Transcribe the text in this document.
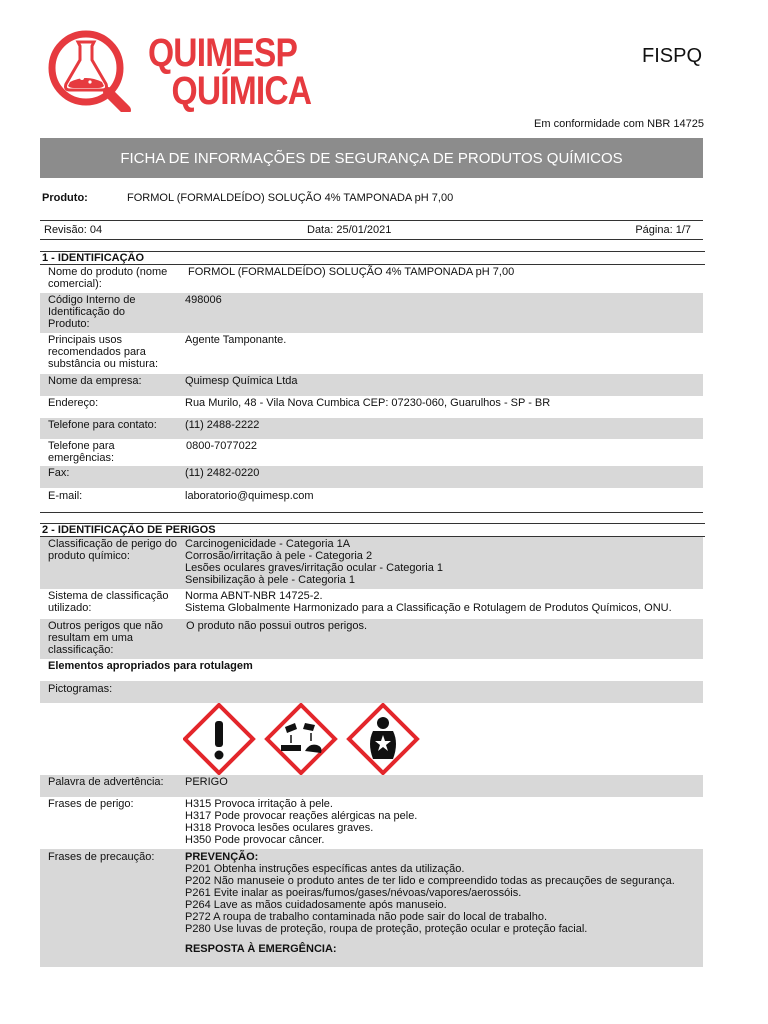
QUIMESP
QUÍMICA
FISPQ
Em conformidade com NBR 14725
FICHA DE INFORMAÇÕES DE SEGURANÇA DE PRODUTOS QUÍMICOS
Produto:	FORMOL (FORMALDEÍDO) SOLUÇÃO 4% TAMPONADA pH 7,00
Revisão: 04	Data: 25/01/2021	Página: 1/7
1 - IDENTIFICAÇÃO
Nome do produto (nome comercial):
FORMOL (FORMALDEÍDO) SOLUÇÃO 4% TAMPONADA pH 7,00
Código Interno de Identificação do Produto:
498006
Principais usos recomendados para substância ou mistura:
Agente Tamponante.
Nome da empresa:	Quimesp Química Ltda
Endereço:	Rua Murilo, 48 - Vila Nova Cumbica CEP: 07230-060, Guarulhos - SP - BR
Telefone para contato:	(11) 2488-2222
Telefone para emergências:
0800-7077022
Fax:	(11) 2482-0220
E-mail:	laboratorio@quimesp.com
2 - IDENTIFICAÇÃO DE PERIGOS
Classificação de perigo do produto químico:
Carcinogenicidade - Categoria 1A
Corrosão/irritação à pele - Categoria 2
Lesões oculares graves/irritação ocular - Categoria 1
Sensibilização à pele - Categoria 1
Sistema de classificação utilizado:
Norma ABNT-NBR 14725-2.
Sistema Globalmente Harmonizado para a Classificação e Rotulagem de Produtos Químicos, ONU.
Outros perigos que não resultam em uma classificação:
O produto não possui outros perigos.
Elementos apropriados para rotulagem
Pictogramas:
Palavra de advertência:	PERIGO
Frases de perigo:	H315 Provoca irritação à pele.
H317 Pode provocar reações alérgicas na pele.
H318 Provoca lesões oculares graves.
H350 Pode provocar câncer.
Frases de precaução:	PREVENÇÃO:
P201 Obtenha instruções específicas antes da utilização.
P202 Não manuseie o produto antes de ter lido e compreendido todas as precauções de segurança.
P261 Evite inalar as poeiras/fumos/gases/névoas/vapores/aerossóis.
P264 Lave as mãos cuidadosamente após manuseio.
P272 A roupa de trabalho contaminada não pode sair do local de trabalho.
P280 Use luvas de proteção, roupa de proteção, proteção ocular e proteção facial.
RESPOSTA À EMERGÊNCIA:
